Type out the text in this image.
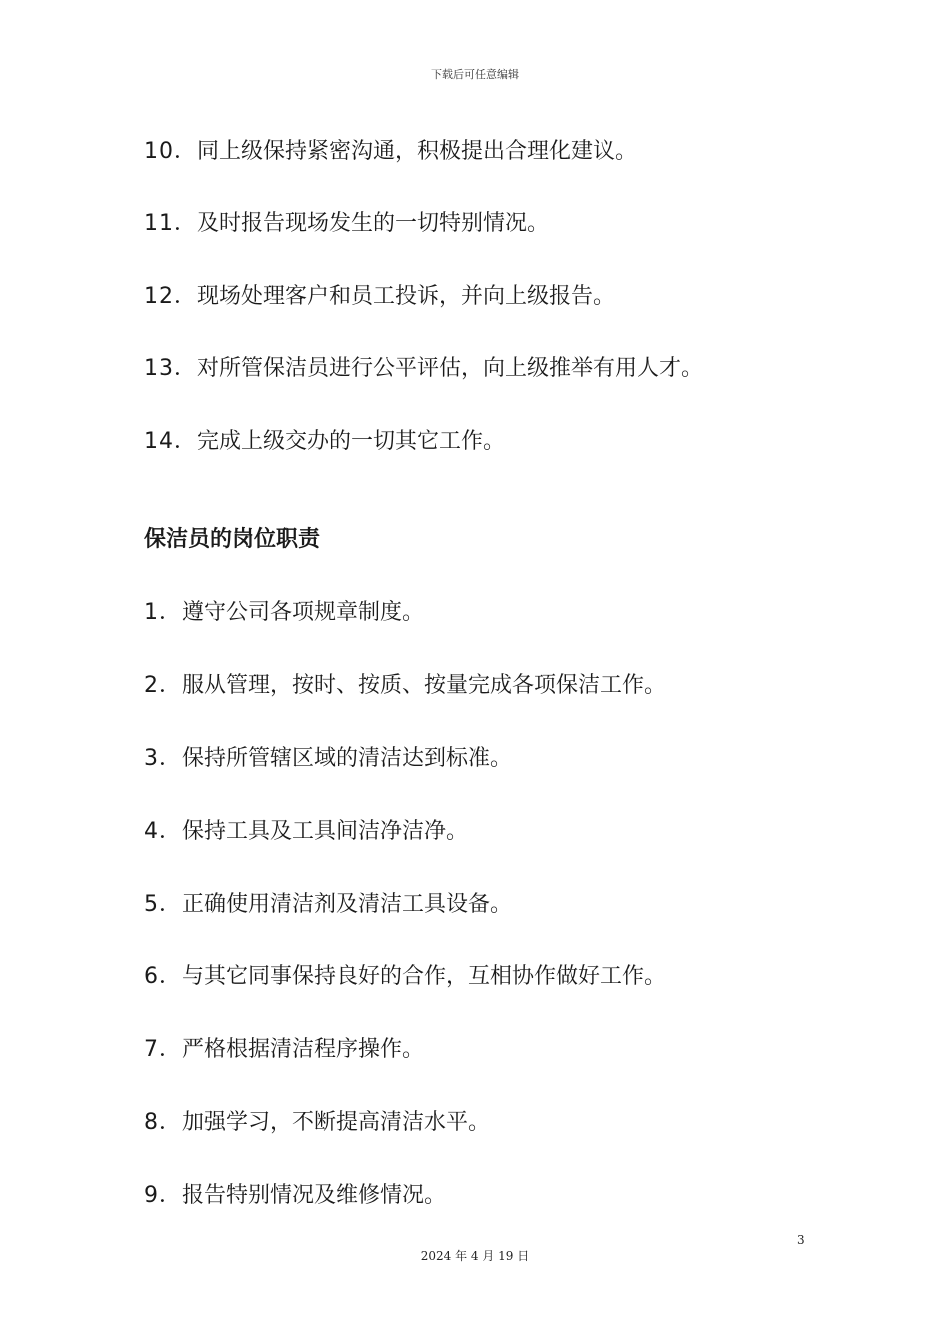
下载后可任意编辑
10．同上级保持紧密沟通，积极提出合理化建议。
11．及时报告现场发生的一切特别情况。
12．现场处理客户和员工投诉，并向上级报告。
13．对所管保洁员进行公平评估，向上级推举有用人才。
14．完成上级交办的一切其它工作。
保洁员的岗位职责
1．遵守公司各项规章制度。
2．服从管理，按时、按质、按量完成各项保洁工作。
3．保持所管辖区域的清洁达到标准。
4．保持工具及工具间洁净洁净。
5．正确使用清洁剂及清洁工具设备。
6．与其它同事保持良好的合作，互相协作做好工作。
7．严格根据清洁程序操作。
8．加强学习，不断提高清洁水平。
9．报告特别情况及维修情况。
3
2024 年 4 月 19 日
